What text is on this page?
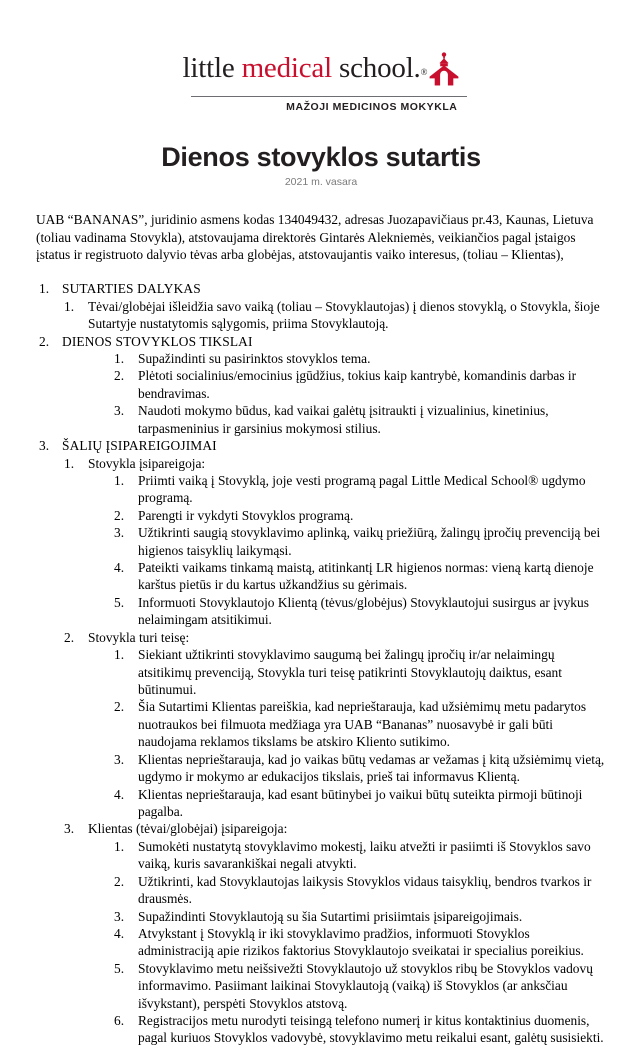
little medical school.®
MAŽOJI MEDICINOS MOKYKLA
Dienos stovyklos sutartis

2021 m. vasara

UAB “BANANAS”, juridinio asmens kodas 134049432, adresas Juozapavičiaus pr.43, Kaunas, Lietuva (toliau vadinama Stovykla), atstovaujama direktorės Gintarės Alekniemės, veikiančios pagal įstaigos įstatus ir registruoto dalyvio tėvas arba globėjas, atstovaujantis vaiko interesus, (toliau – Klientas),

1. SUTARTIES DALYKAS
1.	Tėvai/globėjai išleidžia savo vaiką (toliau – Stovyklautojas) į dienos stovyklą, o Stovykla, šioje Sutartyje nustatytomis sąlygomis, priima Stovyklautoją.
2. DIENOS STOVYKLOS TIKSLAI
1.	Supažindinti su pasirinktos stovyklos tema.
2.	Plėtoti socialinius/emocinius įgūdžius, tokius kaip kantrybė, komandinis darbas ir bendravimas.
3.	Naudoti mokymo būdus, kad vaikai galėtų įsitraukti į vizualinius, kinetinius, tarpasmeninius ir garsinius mokymosi stilius.
3. ŠALIŲ ĮSIPAREIGOJIMAI
1.	Stovykla įsipareigoja:
1.	Priimti vaiką į Stovyklą, joje vesti programą pagal Little Medical School® ugdymo programą.
2.	Parengti ir vykdyti Stovyklos programą.
3.	Užtikrinti saugią stovyklavimo aplinką, vaikų priežiūrą, žalingų įpročių prevenciją bei higienos taisyklių laikymąsi.
4.	Pateikti vaikams tinkamą maistą, atitinkantį LR higienos normas: vieną kartą dienoje karštus pietūs ir du kartus užkandžius su gėrimais.
5.	Informuoti Stovyklautojo Klientą (tėvus/globėjus) Stovyklautojui susirgus ar įvykus nelaimingam atsitikimui.
2.	Stovykla turi teisę:
1.	Siekiant užtikrinti stovyklavimo saugumą bei žalingų įpročių ir/ar nelaimingų atsitikimų prevenciją, Stovykla turi teisę patikrinti Stovyklautojų daiktus, esant būtinumui.
2.	Šia Sutartimi Klientas pareiškia, kad neprieštarauja, kad užsiėmimų metu padarytos nuotraukos bei filmuota medžiaga yra UAB “Bananas” nuosavybė ir gali būti naudojama reklamos tikslams be atskiro Kliento sutikimo.
3.	Klientas neprieštarauja, kad jo vaikas būtų vedamas ar vežamas į kitą užsiėmimų vietą, ugdymo ir mokymo ar edukacijos tikslais, prieš tai informavus Klientą.
4.	Klientas neprieštarauja, kad esant būtinybei jo vaikui būtų suteikta pirmoji būtinoji pagalba.
3.	Klientas (tėvai/globėjai) įsipareigoja:
1.	Sumokėti nustatytą stovyklavimo mokestį, laiku atvežti ir pasiimti iš Stovyklos savo vaiką, kuris savarankiškai negali atvykti.
2.	Užtikrinti, kad Stovyklautojas laikysis Stovyklos vidaus taisyklių, bendros tvarkos ir drausmės.
3.	Supažindinti Stovyklautoją su šia Sutartimi prisiimtais įsipareigojimais.
4.	Atvykstant į Stovyklą ir iki stovyklavimo pradžios, informuoti Stovyklos administraciją apie rizikos faktorius Stovyklautojo sveikatai ir specialius poreikius.
5.	Stovyklavimo metu neišsivežti Stovyklautojo už stovyklos ribų be Stovyklos vadovų informavimo. Pasiimant laikinai Stovyklautoją (vaiką) iš Stovyklos (ar anksčiau išvykstant), perspėti Stovyklos atstovą.
6.	Registracijos metu nurodyti teisingą telefono numerį ir kitus kontaktinius duomenis, pagal kuriuos Stovyklos vadovybė, stovyklavimo metu reikalui esant, galėtų susisiekti.
